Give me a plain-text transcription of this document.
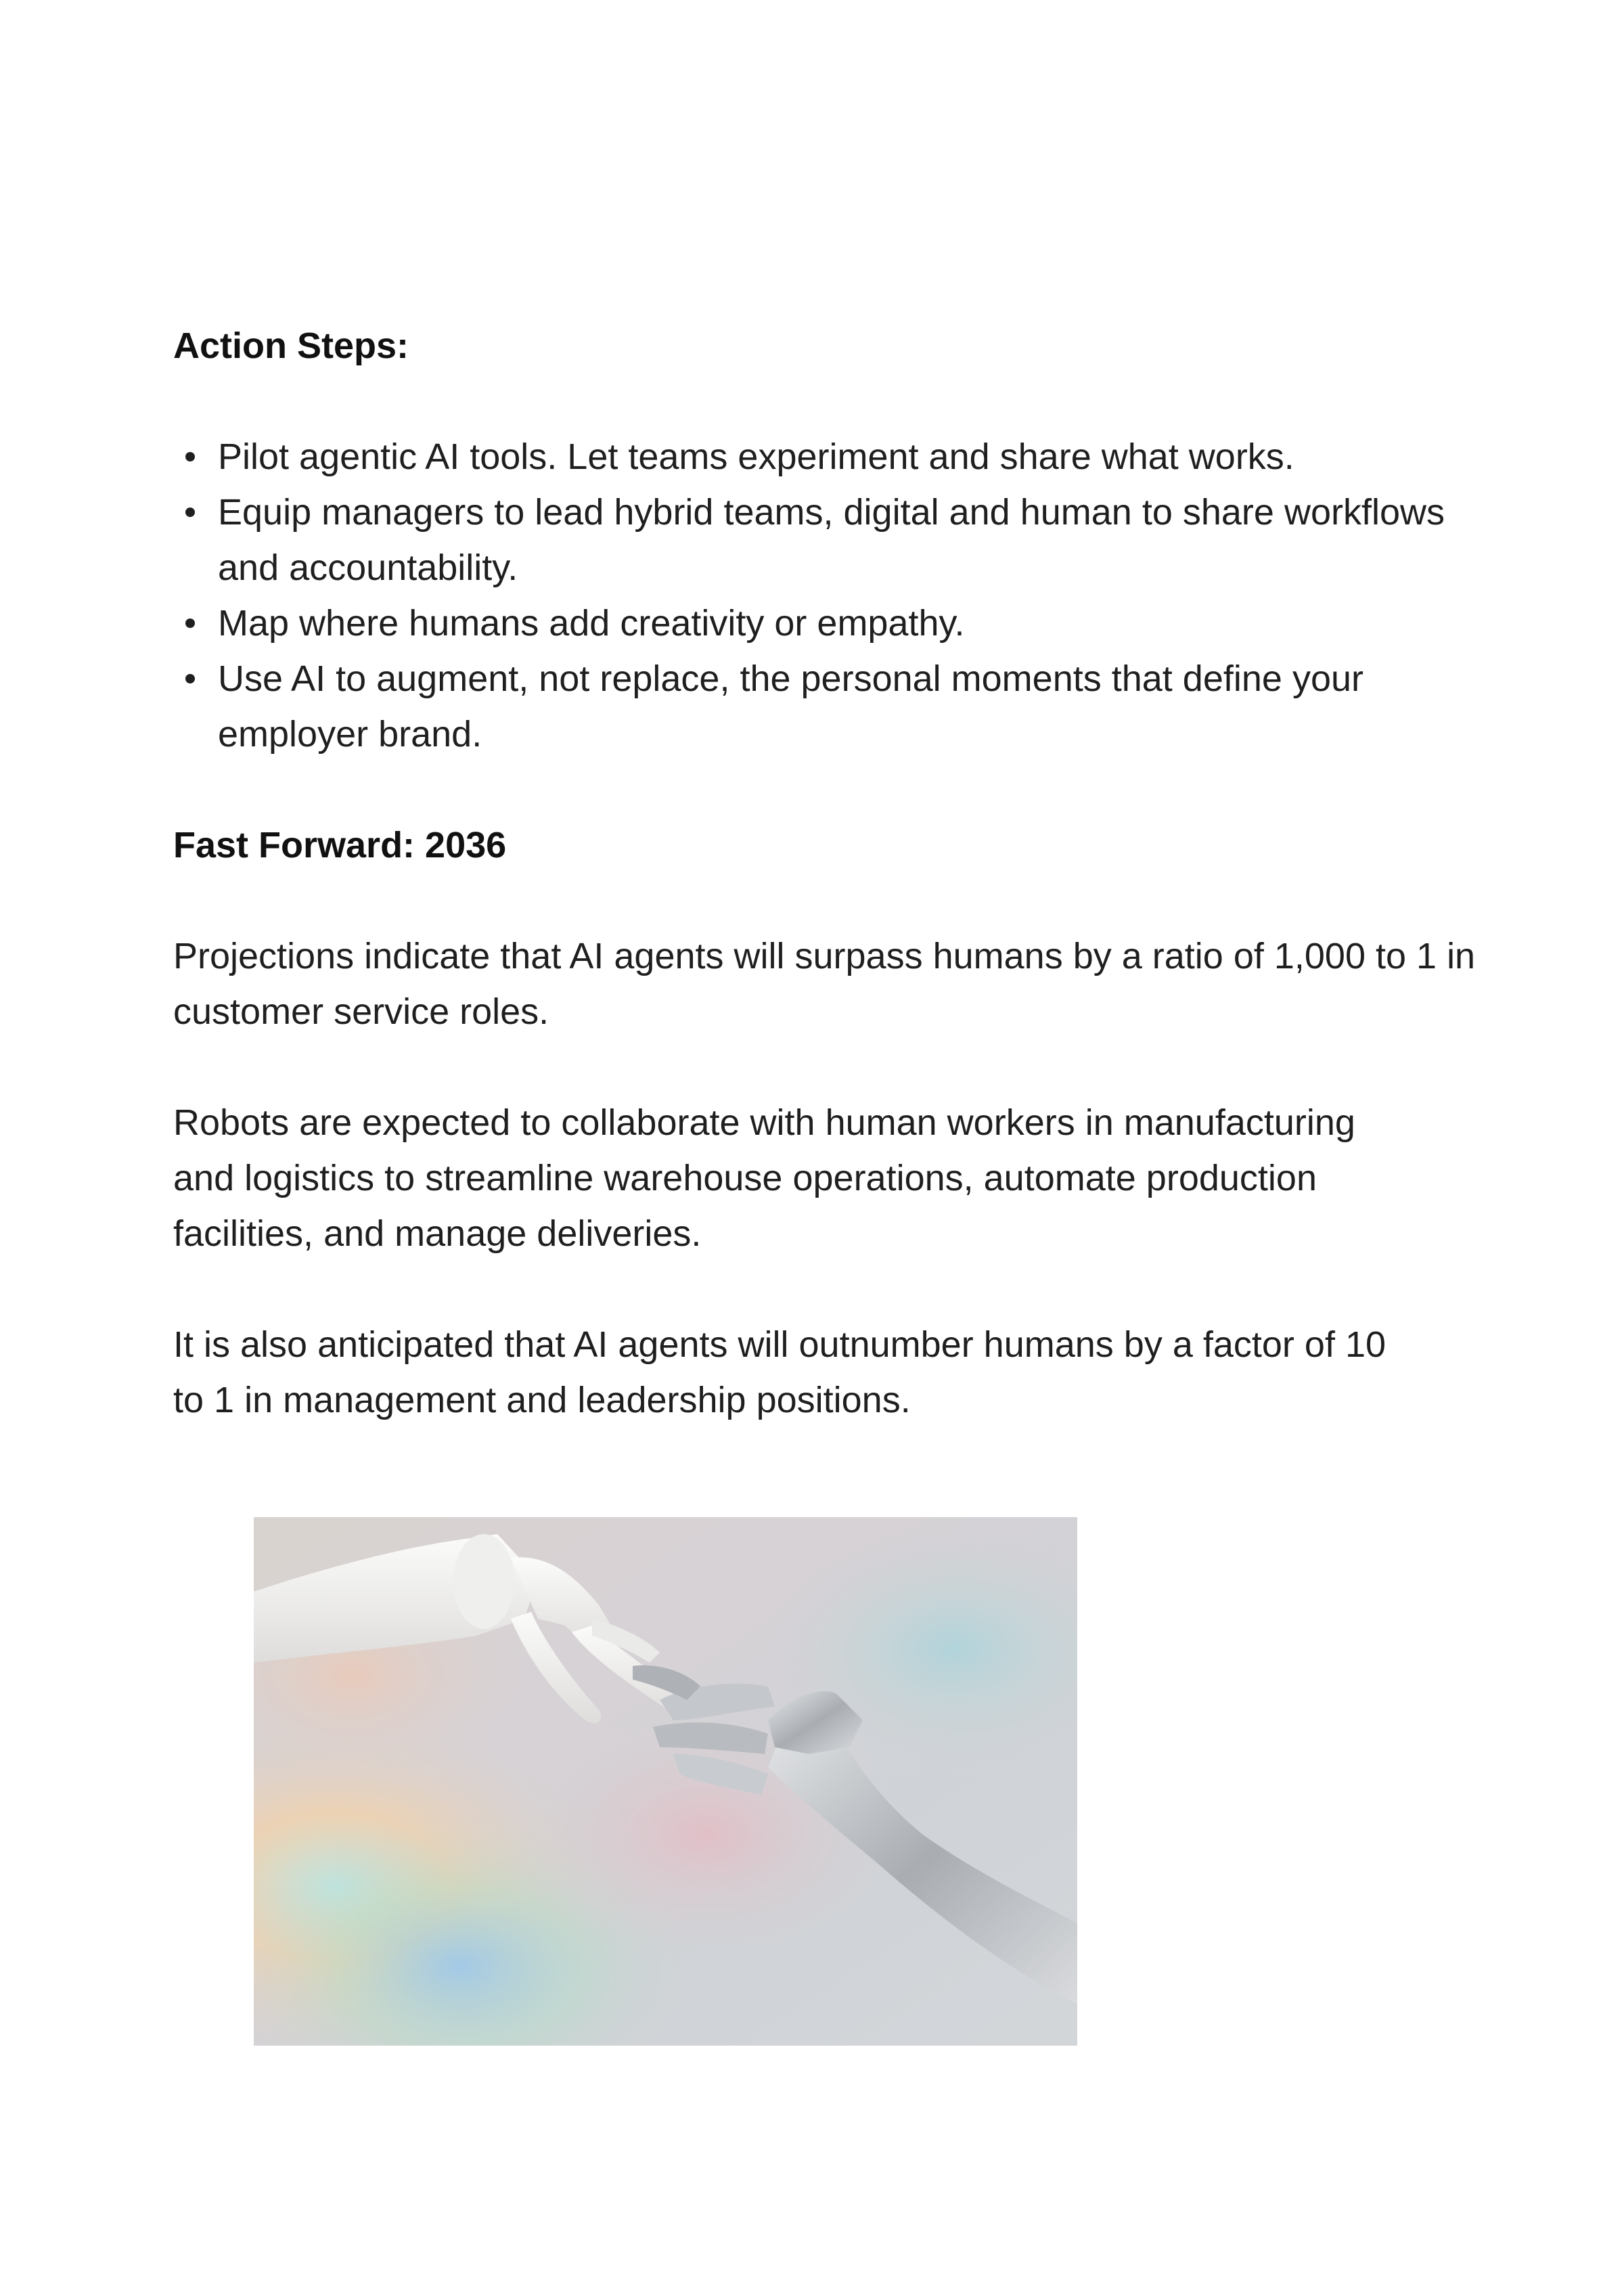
Action Steps:

Pilot agentic AI tools. Let teams experiment and share what works.
Equip managers to lead hybrid teams, digital and human to share workflows and accountability.
Map where humans add creativity or empathy.
Use AI to augment, not replace, the personal moments that define your employer brand.

Fast Forward: 2036

Projections indicate that AI agents will surpass humans by a ratio of 1,000 to 1 in customer service roles.

Robots are expected to collaborate with human workers in manufacturing and logistics to streamline warehouse operations, automate production facilities, and manage deliveries.

It is also anticipated that AI agents will outnumber humans by a factor of 10 to 1 in management and leadership positions.
